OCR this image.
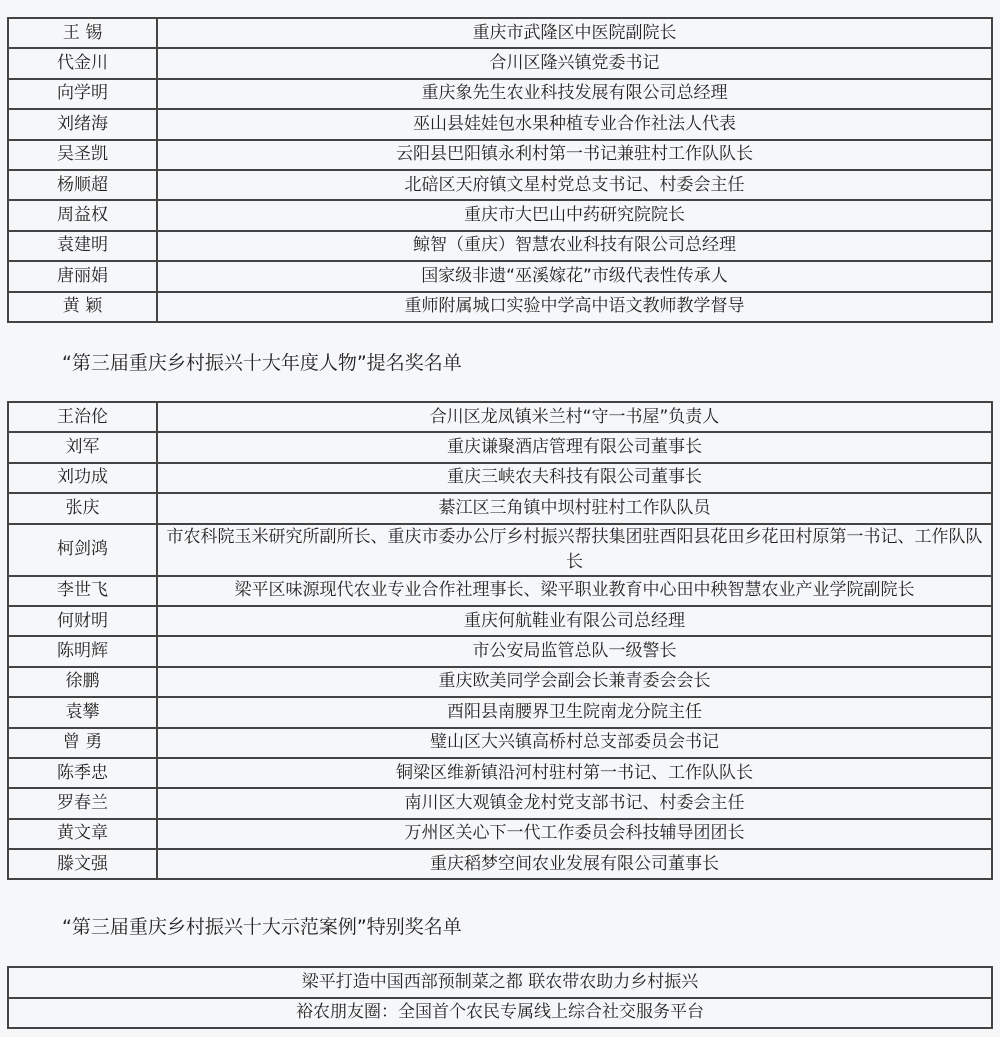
王 锡	重庆市武隆区中医院副院长
代金川	合川区隆兴镇党委书记
向学明	重庆象先生农业科技发展有限公司总经理
刘绪海	巫山县娃娃包水果种植专业合作社法人代表
吴圣凯	云阳县巴阳镇永利村第一书记兼驻村工作队队长
杨顺超	北碚区天府镇文星村党总支书记、村委会主任
周益权	重庆市大巴山中药研究院院长
袁建明	鲸智（重庆）智慧农业科技有限公司总经理
唐丽娟	国家级非遗“巫溪嫁花”市级代表性传承人
黄 颖	重师附属城口实验中学高中语文教师教学督导
“第三届重庆乡村振兴十大年度人物”提名奖名单
王治伦	合川区龙凤镇米兰村“守一书屋”负责人
刘军	重庆谦聚酒店管理有限公司董事长
刘功成	重庆三峡农夫科技有限公司董事长
张庆	綦江区三角镇中坝村驻村工作队队员
柯剑鸿	市农科院玉米研究所副所长、重庆市委办公厅乡村振兴帮扶集团驻酉阳县花田乡花田村原第一书记、工作队队长
李世飞	梁平区味源现代农业专业合作社理事长、梁平职业教育中心田中秧智慧农业产业学院副院长
何财明	重庆何航鞋业有限公司总经理
陈明辉	市公安局监管总队一级警长
徐鹏	重庆欧美同学会副会长兼青委会会长
袁攀	酉阳县南腰界卫生院南龙分院主任
曾 勇	璧山区大兴镇高桥村总支部委员会书记
陈季忠	铜梁区维新镇沿河村驻村第一书记、工作队队长
罗春兰	南川区大观镇金龙村党支部书记、村委会主任
黄文章	万州区关心下一代工作委员会科技辅导团团长
滕文强	重庆稻梦空间农业发展有限公司董事长
“第三届重庆乡村振兴十大示范案例”特别奖名单
梁平打造中国西部预制菜之都 联农带农助力乡村振兴
裕农朋友圈：全国首个农民专属线上综合社交服务平台
